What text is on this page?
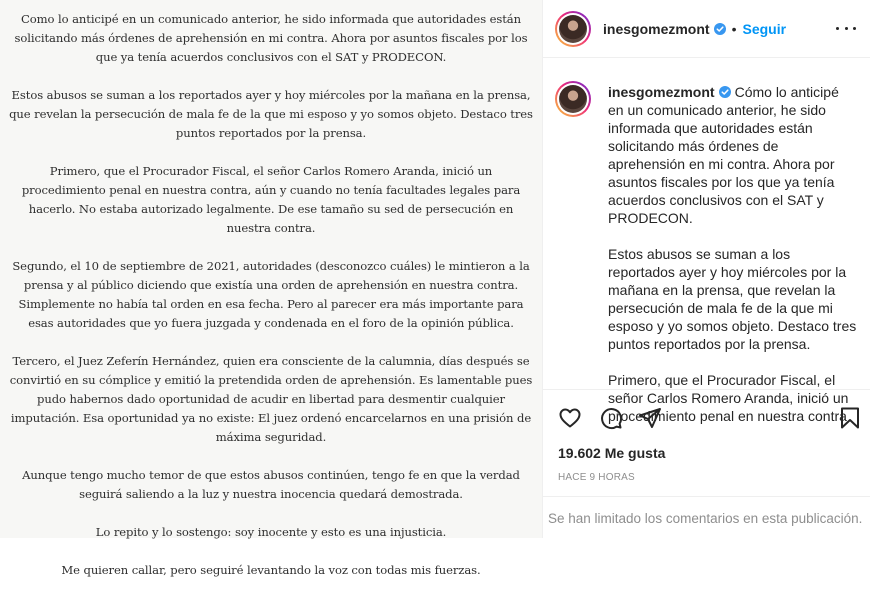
Como lo anticipé en un comunicado anterior, he sido informada que autoridades están solicitando más órdenes de aprehensión en mi contra. Ahora por asuntos fiscales por los que ya tenía acuerdos conclusivos con el SAT y PRODECON.

Estos abusos se suman a los reportados ayer y hoy miércoles por la mañana en la prensa, que revelan la persecución de mala fe de la que mi esposo y yo somos objeto. Destaco tres puntos reportados por la prensa.

Primero, que el Procurador Fiscal, el señor Carlos Romero Aranda, inició un procedimiento penal en nuestra contra, aún y cuando no tenía facultades legales para hacerlo. No estaba autorizado legalmente. De ese tamaño su sed de persecución en nuestra contra.

Segundo, el 10 de septiembre de 2021, autoridades (desconozco cuáles) le mintieron a la prensa y al público diciendo que existía una orden de aprehensión en nuestra contra. Simplemente no había tal orden en esa fecha. Pero al parecer era más importante para esas autoridades que yo fuera juzgada y condenada en el foro de la opinión pública.

Tercero, el Juez Zeferín Hernández, quien era consciente de la calumnia, días después se convirtió en su cómplice y emitió la pretendida orden de aprehensión. Es lamentable pues pudo habernos dado oportunidad de acudir en libertad para desmentir cualquier imputación. Esa oportunidad ya no existe: El juez ordenó encarcelarnos en una prisión de máxima seguridad.

Aunque tengo mucho temor de que estos abusos continúen, tengo fe en que la verdad seguirá saliendo a la luz y nuestra inocencia quedará demostrada.

Lo repito y lo sostengo: soy inocente y esto es una injusticia.

Me quieren callar, pero seguiré levantando la voz con todas mis fuerzas.

inesgomezmont • Seguir

inesgomezmont Cómo lo anticipé en un comunicado anterior, he sido informada que autoridades están solicitando más órdenes de aprehensión en mi contra. Ahora por asuntos fiscales por los que ya tenía acuerdos conclusivos con el SAT y PRODECON.

Estos abusos se suman a los reportados ayer y hoy miércoles por la mañana en la prensa, que revelan la persecución de mala fe de la que mi esposo y yo somos objeto. Destaco tres puntos reportados por la prensa.

Primero, que el Procurador Fiscal, el señor Carlos Romero Aranda, inició un procedimiento penal en nuestra contra

19.602 Me gusta
HACE 9 HORAS
Se han limitado los comentarios en esta publicación.
